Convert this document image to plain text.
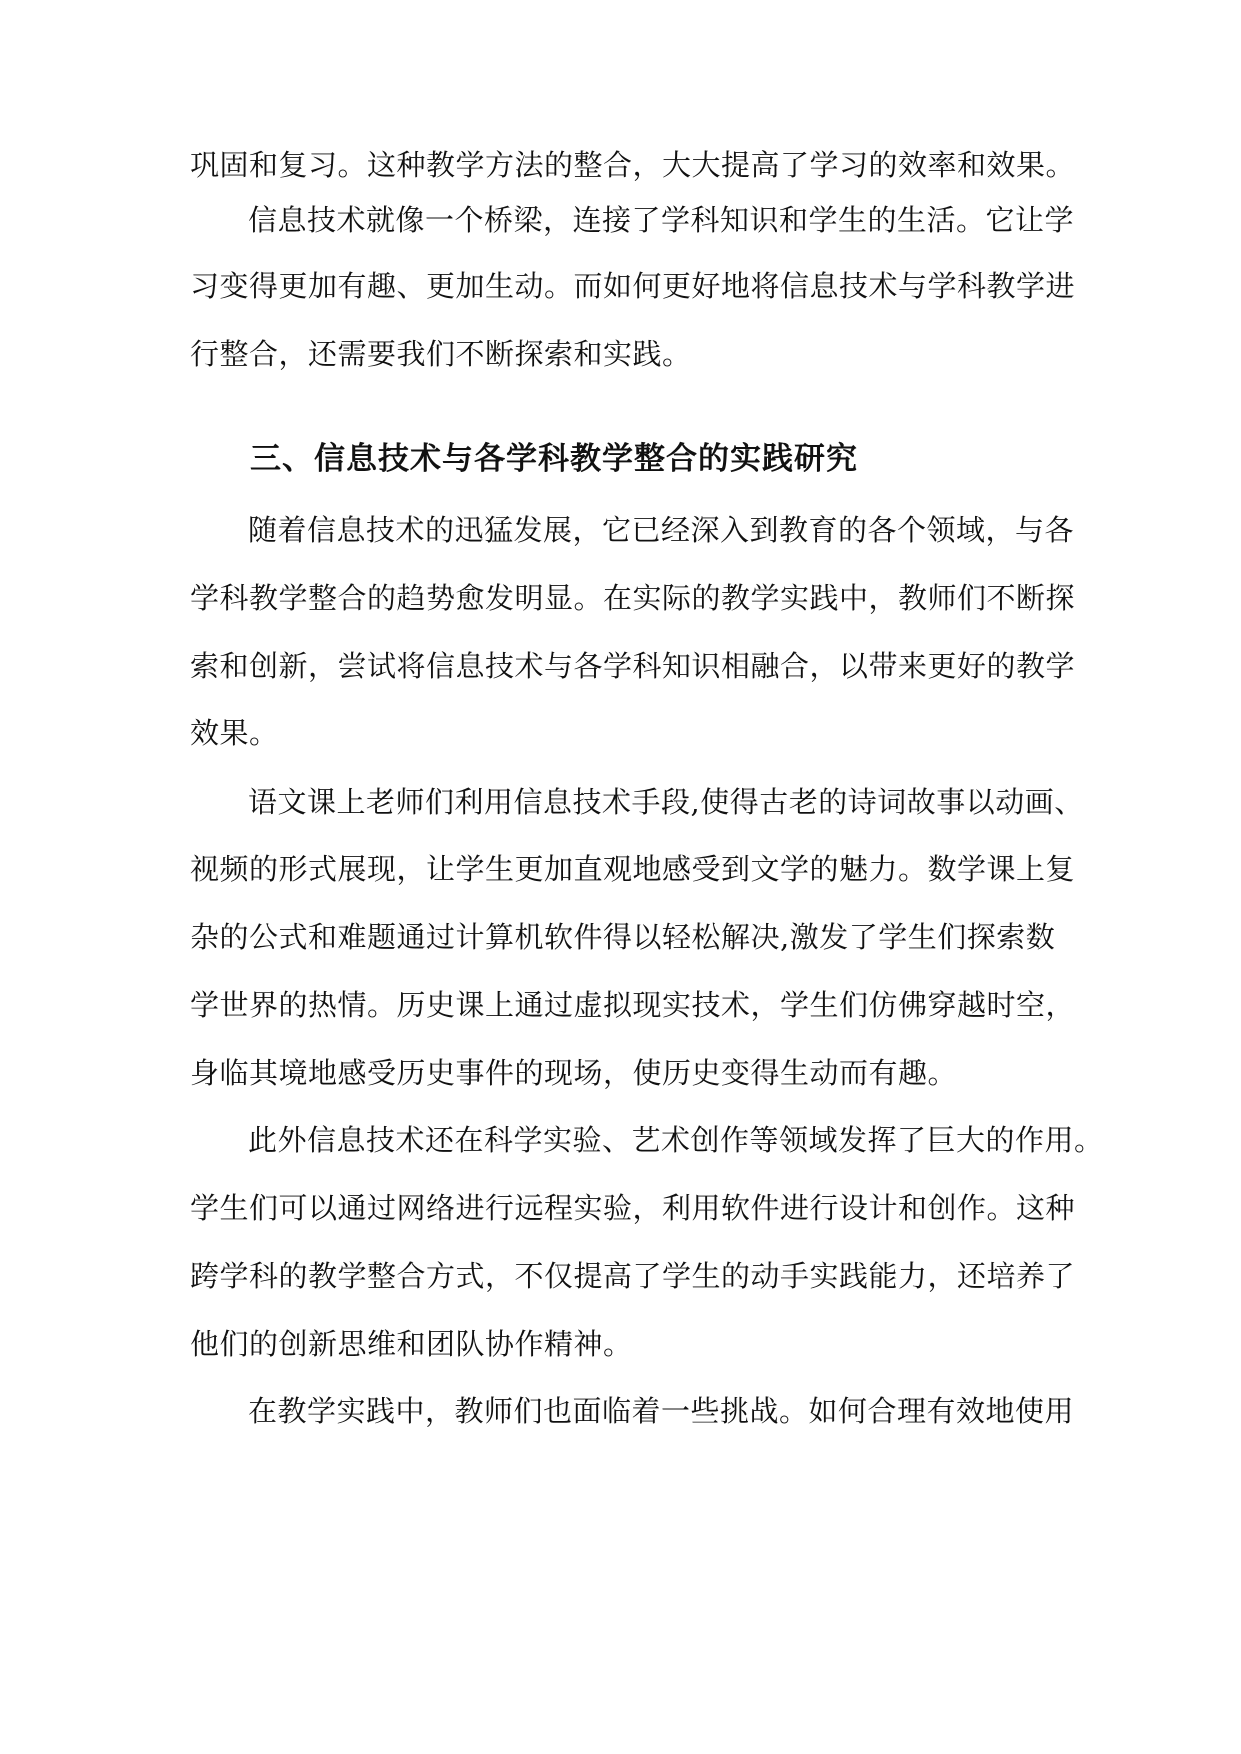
巩固和复习。这种教学方法的整合，大大提高了学习的效率和效果。
信息技术就像一个桥梁，连接了学科知识和学生的生活。它让学
习变得更加有趣、更加生动。而如何更好地将信息技术与学科教学进
行整合，还需要我们不断探索和实践。
三、信息技术与各学科教学整合的实践研究
随着信息技术的迅猛发展，它已经深入到教育的各个领域，与各
学科教学整合的趋势愈发明显。在实际的教学实践中，教师们不断探
索和创新，尝试将信息技术与各学科知识相融合，以带来更好的教学
效果。
语文课上老师们利用信息技术手段,使得古老的诗词故事以动画、
视频的形式展现，让学生更加直观地感受到文学的魅力。数学课上复
杂的公式和难题通过计算机软件得以轻松解决,激发了学生们探索数
学世界的热情。历史课上通过虚拟现实技术，学生们仿佛穿越时空，
身临其境地感受历史事件的现场，使历史变得生动而有趣。
此外信息技术还在科学实验、艺术创作等领域发挥了巨大的作用。
学生们可以通过网络进行远程实验，利用软件进行设计和创作。这种
跨学科的教学整合方式，不仅提高了学生的动手实践能力，还培养了
他们的创新思维和团队协作精神。
在教学实践中，教师们也面临着一些挑战。如何合理有效地使用
